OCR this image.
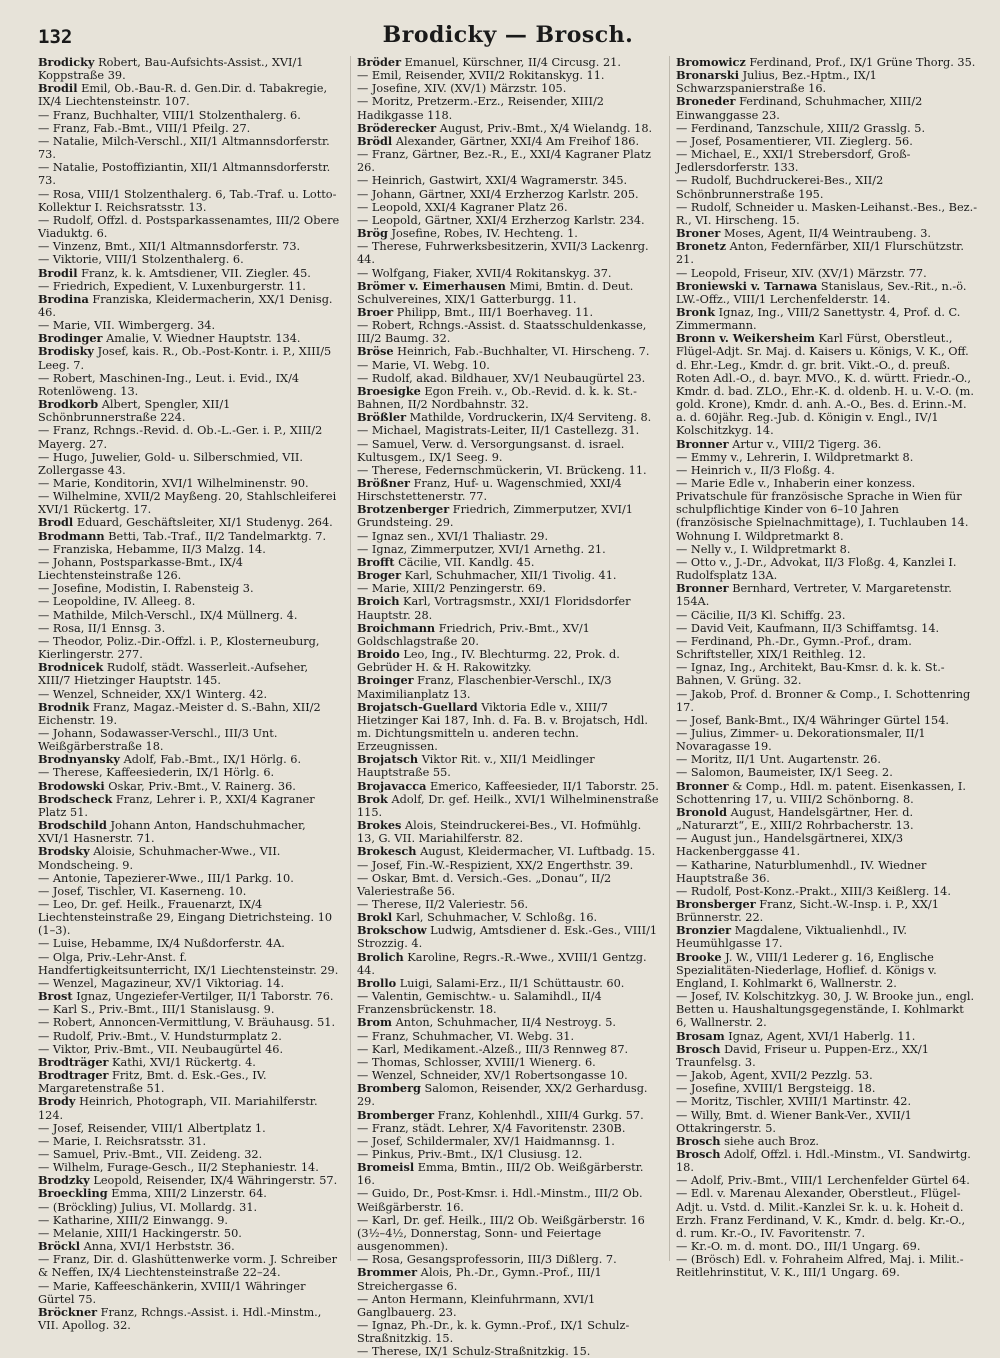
132	Brodicky — Brosch.

Brodicky Robert, Bau-Aufsichts-Assist., XVI/1 Koppstraße 39.

Brodil Emil, Ob.-Bau-R. d. Gen.Dir. d. Tabakregie, IX/4 Liechtensteinstr. 107.

— Franz, Buchhalter, VIII/1 Stolzenthalerg. 6.

— Franz, Fab.-Bmt., VIII/1 Pfeilg. 27.

— Natalie, Milch-Verschl., XII/1 Altmannsdorferstr. 73.

— Natalie, Postoffiziantin, XII/1 Altmannsdorferstr. 73.

— Rosa, VIII/1 Stolzenthalerg. 6, Tab.-Traf. u. Lotto-Kollektur I. Reichsratsstr. 13.

— Rudolf, Offzl. d. Postsparkassenamtes, III/2 Obere Viaduktg. 6.

— Vinzenz, Bmt., XII/1 Altmannsdorferstr. 73.

— Viktorie, VIII/1 Stolzenthalerg. 6.

Brodil Franz, k. k. Amtsdiener, VII. Ziegler. 45.

— Friedrich, Expedient, V. Luxenburgerstr. 11.

Brodina Franziska, Kleidermacherin, XX/1 Denisg. 46.

— Marie, VII. Wimbergerg. 34.

Brodinger Amalie, V. Wiedner Hauptstr. 134.

Brodisky Josef, kais. R., Ob.-Post-Kontr. i. P., XIII/5 Leeg. 7.

— Robert, Maschinen-Ing., Leut. i. Evid., IX/4 Rotenlöweng. 13.

Brodkorb Albert, Spengler, XII/1 Schönbrunnerstraße 224.

— Franz, Rchngs.-Revid. d. Ob.-L.-Ger. i. P., XIII/2 Mayerg. 27.

— Hugo, Juwelier, Gold- u. Silberschmied, VII. Zollergasse 43.

— Marie, Konditorin, XVI/1 Wilhelminenstr. 90.

— Wilhelmine, XVII/2 Mayßeng. 20, Stahlschleiferei XVI/1 Rückertg. 17.

Brodl Eduard, Geschäftsleiter, XI/1 Studenyg. 264.

Brodmann Betti, Tab.-Traf., II/2 Tandelmarktg. 7.

— Franziska, Hebamme, II/3 Malzg. 14.

— Johann, Postsparkasse-Bmt., IX/4 Liechtensteinstraße 126.

— Josefine, Modistin, I. Rabensteig 3.

— Leopoldine, IV. Alleeg. 8.

— Mathilde, Milch-Verschl., IX/4 Müllnerg. 4.

— Rosa, II/1 Ennsg. 3.

— Theodor, Poliz.-Dir.-Offzl. i. P., Klosterneuburg, Kierlingerstr. 277.

Brodnicek Rudolf, städt. Wasserleit.-Aufseher, XIII/7 Hietzinger Hauptstr. 145.

— Wenzel, Schneider, XX/1 Winterg. 42.

Brodnik Franz, Magaz.-Meister d. S.-Bahn, XII/2 Eichenstr. 19.

— Johann, Sodawasser-Verschl., III/3 Unt. Weißgärberstraße 18.

Brodnyansky Adolf, Fab.-Bmt., IX/1 Hörlg. 6.

— Therese, Kaffeesiederin, IX/1 Hörlg. 6.

Brodowski Oskar, Priv.-Bmt., V. Rainerg. 36.

Brodscheck Franz, Lehrer i. P., XXI/4 Kagraner Platz 51.

Brodschild Johann Anton, Handschuhmacher, XVI/1 Hasnerstr. 71.

Brodsky Aloisie, Schuhmacher-Wwe., VII. Mondscheing. 9.

— Antonie, Tapezierer-Wwe., III/1 Parkg. 10.

— Josef, Tischler, VI. Kaserneng. 10.

— Leo, Dr. gef. Heilk., Frauenarzt, IX/4 Liechtensteinstraße 29, Eingang Dietrichsteing. 10 (1–3).

— Luise, Hebamme, IX/4 Nußdorferstr. 4A.

— Olga, Priv.-Lehr-Anst. f. Handfertigkeitsunterricht, IX/1 Liechtensteinstr. 29.

— Wenzel, Magazineur, XV/1 Viktoriag. 14.

Brost Ignaz, Ungeziefer-Vertilger, II/1 Taborstr. 76.

— Karl S., Priv.-Bmt., III/1 Stanislausg. 9.

— Robert, Annoncen-Vermittlung, V. Bräuhausg. 51.

— Rudolf, Priv.-Bmt., V. Hundsturmplatz 2.

— Viktor, Priv.-Bmt., VII. Neubaugürtel 46.

Brodträger Kathi, XVI/1 Rückertg. 4.

Brodtrager Fritz, Bmt. d. Esk.-Ges., IV. Margaretenstraße 51.

Brody Heinrich, Photograph, VII. Mariahilferstr. 124.

— Josef, Reisender, VIII/1 Albertplatz 1.

— Marie, I. Reichsratsstr. 31.

— Samuel, Priv.-Bmt., VII. Zeideng. 32.

— Wilhelm, Furage-Gesch., II/2 Stephaniestr. 14.

Brodzky Leopold, Reisender, IX/4 Währingerstr. 57.

Broeckling Emma, XIII/2 Linzerstr. 64.

— (Bröckling) Julius, VI. Mollardg. 31.

— Katharine, XIII/2 Einwangg. 9.

— Melanie, XIII/1 Hackingerstr. 50.

Bröckl Anna, XVI/1 Herbststr. 36.

— Franz, Dir. d. Glashüttenwerke vorm. J. Schreiber & Neffen, IX/4 Liechtensteinstraße 22–24.

— Marie, Kaffeeschänkerin, XVIII/1 Währinger Gürtel 75.

Bröckner Franz, Rchngs.-Assist. i. Hdl.-Minstm., VII. Apollog. 32.

Bröder Emanuel, Kürschner, II/4 Circusg. 21.

— Emil, Reisender, XVII/2 Rokitanskyg. 11.

— Josefine, XIV. (XV/1) Märzstr. 105.

— Moritz, Pretzerm.-Erz., Reisender, XIII/2 Hadikgasse 118.

Bröderecker August, Priv.-Bmt., X/4 Wielandg. 18.

Brödl Alexander, Gärtner, XXI/4 Am Freihof 186.

— Franz, Gärtner, Bez.-R., E., XXI/4 Kagraner Platz 26.

— Heinrich, Gastwirt, XXI/4 Wagramerstr. 345.

— Johann, Gärtner, XXI/4 Erzherzog Karlstr. 205.

— Leopold, XXI/4 Kagraner Platz 26.

— Leopold, Gärtner, XXI/4 Erzherzog Karlstr. 234.

Brög Josefine, Robes, IV. Hechteng. 1.

— Therese, Fuhrwerksbesitzerin, XVII/3 Lackenrg. 44.

— Wolfgang, Fiaker, XVII/4 Rokitanskyg. 37.

Brömer v. Eimerhausen Mimi, Bmtin. d. Deut. Schulvereines, XIX/1 Gatterburgg. 11.

Broer Philipp, Bmt., III/1 Boerhaveg. 11.

— Robert, Rchngs.-Assist. d. Staatsschuldenkasse, III/2 Baumg. 32.

Bröse Heinrich, Fab.-Buchhalter, VI. Hirscheng. 7.

— Marie, VI. Webg. 10.

— Rudolf, akad. Bildhauer, XV/1 Neubaugürtel 23.

Broesigke Egon Freih. v., Ob.-Revid. d. k. k. St.-Bahnen, II/2 Nordbahnstr. 32.

Brößler Mathilde, Vordruckerin, IX/4 Serviteng. 8.

— Michael, Magistrats-Leiter, II/1 Castellezg. 31.

— Samuel, Verw. d. Versorgungsanst. d. israel. Kultusgem., IX/1 Seeg. 9.

— Therese, Federnschmückerin, VI. Brückeng. 11.

Brößner Franz, Huf- u. Wagenschmied, XXI/4 Hirschstettenerstr. 77.

Brotzenberger Friedrich, Zimmerputzer, XVI/1 Grundsteing. 29.

— Ignaz sen., XVI/1 Thaliastr. 29.

— Ignaz, Zimmerputzer, XVI/1 Arnethg. 21.

Brofft Cäcilie, VII. Kandlg. 45.

Broger Karl, Schuhmacher, XII/1 Tivolig. 41.

— Marie, XIII/2 Penzingerstr. 69.

Broich Karl, Vortragsmstr., XXI/1 Floridsdorfer Hauptstr. 28.

Broichmann Friedrich, Priv.-Bmt., XV/1 Goldschlagstraße 20.

Broido Leo, Ing., IV. Blechturmg. 22, Prok. d. Gebrüder H. & H. Rakowitzky.

Broinger Franz, Flaschenbier-Verschl., IX/3 Maximilianplatz 13.

Brojatsch-Guellard Viktoria Edle v., XIII/7 Hietzinger Kai 187, Inh. d. Fa. B. v. Brojatsch, Hdl. m. Dichtungsmitteln u. anderen techn. Erzeugnissen.

Brojatsch Viktor Rit. v., XII/1 Meidlinger Hauptstraße 55.

Brojavacca Emerico, Kaffeesieder, II/1 Taborstr. 25.

Brok Adolf, Dr. gef. Heilk., XVI/1 Wilhelminenstraße 115.

Brokes Alois, Steindruckerei-Bes., VI. Hofmühlg. 13, G. VII. Mariahilferstr. 82.

Brokesch August, Kleidermacher, VI. Luftbadg. 15.

— Josef, Fin.-W.-Respizient, XX/2 Engerthstr. 39.

— Oskar, Bmt. d. Versich.-Ges. „Donau“, II/2 Valeriestraße 56.

— Therese, II/2 Valeriestr. 56.

Brokl Karl, Schuhmacher, V. Schloßg. 16.

Brokschow Ludwig, Amtsdiener d. Esk.-Ges., VIII/1 Strozzig. 4.

Brolich Karoline, Regrs.-R.-Wwe., XVIII/1 Gentzg. 44.

Brollo Luigi, Salami-Erz., II/1 Schüttaustr. 60.

— Valentin, Gemischtw.- u. Salamihdl., II/4 Franzensbrückenstr. 18.

Brom Anton, Schuhmacher, II/4 Nestroyg. 5.

— Franz, Schuhmacher, VI. Webg. 31.

— Karl, Medikament.-Alzeß., III/3 Rennweg 87.

— Thomas, Schlosser, XVIII/1 Wienerg. 6.

— Wenzel, Schneider, XV/1 Robertsongasse 10.

Bromberg Salomon, Reisender, XX/2 Gerhardusg. 29.

Bromberger Franz, Kohlenhdl., XIII/4 Gurkg. 57.

— Franz, städt. Lehrer, X/4 Favoritenstr. 230B.

— Josef, Schildermaler, XV/1 Haidmannsg. 1.

— Pinkus, Priv.-Bmt., IX/1 Clusiusg. 12.

Bromeisl Emma, Bmtin., III/2 Ob. Weißgärberstr. 16.

— Guido, Dr., Post-Kmsr. i. Hdl.-Minstm., III/2 Ob. Weißgärberstr. 16.

— Karl, Dr. gef. Heilk., III/2 Ob. Weißgärberstr. 16 (3½–4½, Donnerstag, Sonn- und Feiertage ausgenommen).

— Rosa, Gesangsprofessorin, III/3 Dißlerg. 7.

Brommer Alois, Ph.-Dr., Gymn.-Prof., III/1 Streichergasse 6.

— Anton Hermann, Kleinfuhrmann, XVI/1 Ganglbauerg. 23.

— Ignaz, Ph.-Dr., k. k. Gymn.-Prof., IX/1 Schulz-Straßnitzkig. 15.

— Therese, IX/1 Schulz-Straßnitzkig. 15.

Bromowicz Ferdinand, Prof., IX/1 Grüne Thorg. 35.

Bronarski Julius, Bez.-Hptm., IX/1 Schwarzspanierstraße 16.

Broneder Ferdinand, Schuhmacher, XIII/2 Einwanggasse 23.

— Ferdinand, Tanzschule, XIII/2 Grasslg. 5.

— Josef, Posamentierer, VII. Zieglerg. 56.

— Michael, E., XXI/1 Strebersdorf, Groß-Jedlersdorferstr. 133.

— Rudolf, Buchdruckerei-Bes., XII/2 Schönbrunnerstraße 195.

— Rudolf, Schneider u. Masken-Leihanst.-Bes., Bez.-R., VI. Hirscheng. 15.

Broner Moses, Agent, II/4 Weintraubeng. 3.

Bronetz Anton, Federnfärber, XII/1 Flurschützstr. 21.

— Leopold, Friseur, XIV. (XV/1) Märzstr. 77.

Broniewski v. Tarnawa Stanislaus, Sev.-Rit., n.-ö. LW.-Offz., VIII/1 Lerchenfelderstr. 14.

Bronk Ignaz, Ing., VIII/2 Sanettystr. 4, Prof. d. C. Zimmermann.

Bronn v. Weikersheim Karl Fürst, Oberstleut., Flügel-Adjt. Sr. Maj. d. Kaisers u. Königs, V. K., Off. d. Ehr.-Leg., Kmdr. d. gr. brit. Vikt.-O., d. preuß. Roten Adl.-O., d. bayr. MVO., K. d. württ. Friedr.-O., Kmdr. d. bad. ZLO., Ehr.-K. d. oldenb. H. u. V.-O. (m. gold. Krone), Kmdr. d. anh. A.-O., Bes. d. Erinn.-M. a. d. 60jähr. Reg.-Jub. d. Königin v. Engl., IV/1 Kolschitzkyg. 14.

Bronner Artur v., VIII/2 Tigerg. 36.

— Emmy v., Lehrerin, I. Wildpretmarkt 8.

— Heinrich v., II/3 Floßg. 4.

— Marie Edle v., Inhaberin einer konzess. Privatschule für französische Sprache in Wien für schulpflichtige Kinder von 6–10 Jahren (französische Spielnachmittage), I. Tuchlauben 14. Wohnung I. Wildpretmarkt 8.

— Nelly v., I. Wildpretmarkt 8.

— Otto v., J.-Dr., Advokat, II/3 Floßg. 4, Kanzlei I. Rudolfsplatz 13A.

Bronner Bernhard, Vertreter, V. Margaretenstr. 154A.

— Cäcilie, II/3 Kl. Schiffg. 23.

— David Veit, Kaufmann, II/3 Schiffamtsg. 14.

— Ferdinand, Ph.-Dr., Gymn.-Prof., dram. Schriftsteller, XIX/1 Reithleg. 12.

— Ignaz, Ing., Architekt, Bau-Kmsr. d. k. k. St.-Bahnen, V. Grüng. 32.

— Jakob, Prof. d. Bronner & Comp., I. Schottenring 17.

— Josef, Bank-Bmt., IX/4 Währinger Gürtel 154.

— Julius, Zimmer- u. Dekorationsmaler, II/1 Novaragasse 19.

— Moritz, II/1 Unt. Augartenstr. 26.

— Salomon, Baumeister, IX/1 Seeg. 2.

Bronner & Comp., Hdl. m. patent. Eisenkassen, I. Schottenring 17, u. VIII/2 Schönborng. 8.

Bronold August, Handelsgärtner, Her. d. „Naturarzt“, E., XIII/2 Rohrbacherstr. 13.

— August jun., Handelsgärtnerei, XIX/3 Hackenberggasse 41.

— Katharine, Naturblumenhdl., IV. Wiedner Hauptstraße 36.

— Rudolf, Post-Konz.-Prakt., XIII/3 Keißlerg. 14.

Bronsberger Franz, Sicht.-W.-Insp. i. P., XX/1 Brünnerstr. 22.

Bronzier Magdalene, Viktualienhdl., IV. Heumühlgasse 17.

Brooke J. W., VIII/1 Lederer g. 16, Englische Spezialitäten-Niederlage, Hoflief. d. Königs v. England, I. Kohlmarkt 6, Wallnerstr. 2.

— Josef, IV. Kolschitzkyg. 30, J. W. Brooke jun., engl. Betten u. Haushaltungsgegenstände, I. Kohlmarkt 6, Wallnerstr. 2.

Brosam Ignaz, Agent, XVI/1 Haberlg. 11.

Brosch David, Friseur u. Puppen-Erz., XX/1 Traunfelsg. 3.

— Jakob, Agent, XVII/2 Pezzlg. 53.

— Josefine, XVIII/1 Bergsteigg. 18.

— Moritz, Tischler, XVIII/1 Martinstr. 42.

— Willy, Bmt. d. Wiener Bank-Ver., XVII/1 Ottakringerstr. 5.

Brosch siehe auch Broz.

Brosch Adolf, Offzl. i. Hdl.-Minstm., VI. Sandwirtg. 18.

— Adolf, Priv.-Bmt., VIII/1 Lerchenfelder Gürtel 64.

— Edl. v. Marenau Alexander, Oberstleut., Flügel-Adjt. u. Vstd. d. Milit.-Kanzlei Sr. k. u. k. Hoheit d. Erzh. Franz Ferdinand, V. K., Kmdr. d. belg. Kr.-O., d. rum. Kr.-O., IV. Favoritenstr. 7.

— Kr.-O. m. d. mont. DO., III/1 Ungarg. 69.

— (Brösch) Edl. v. Fohraheim Alfred, Maj. i. Milit.-Reitlehrinstitut, V. K., III/1 Ungarg. 69.
